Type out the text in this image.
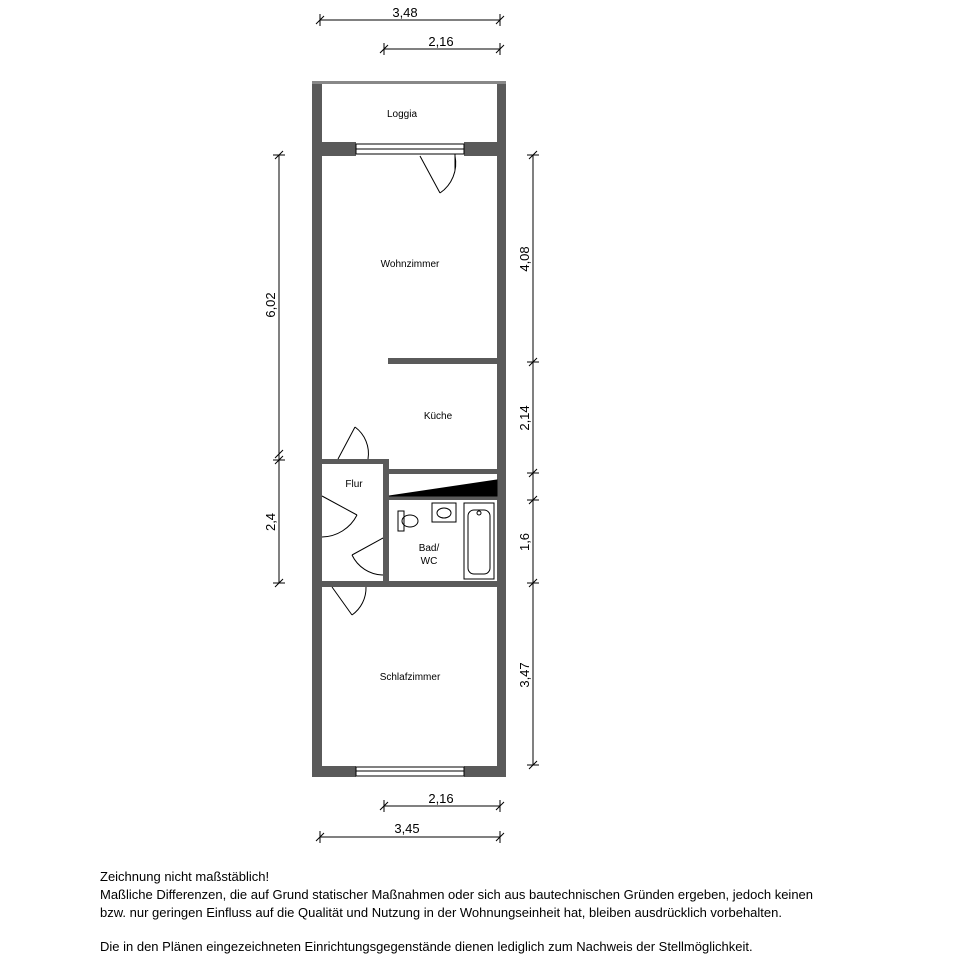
Loggia
Wohnzimmer
Küche
Flur
Bad/
WC
Schlafzimmer
3,48
2,16
6,02
2,4
4,08
2,14
1,6
3,47
2,16
3,45

Zeichnung nicht maßstäblich!

Maßliche Differenzen, die auf Grund statischer Maßnahmen oder sich aus bautechnischen Gründen ergeben, jedoch keinen

bzw. nur geringen Einfluss auf die Qualität und Nutzung in der Wohnungseinheit hat, bleiben ausdrücklich vorbehalten.

Die in den Plänen eingezeichneten Einrichtungsgegenstände dienen lediglich zum Nachweis der Stellmöglichkeit.
